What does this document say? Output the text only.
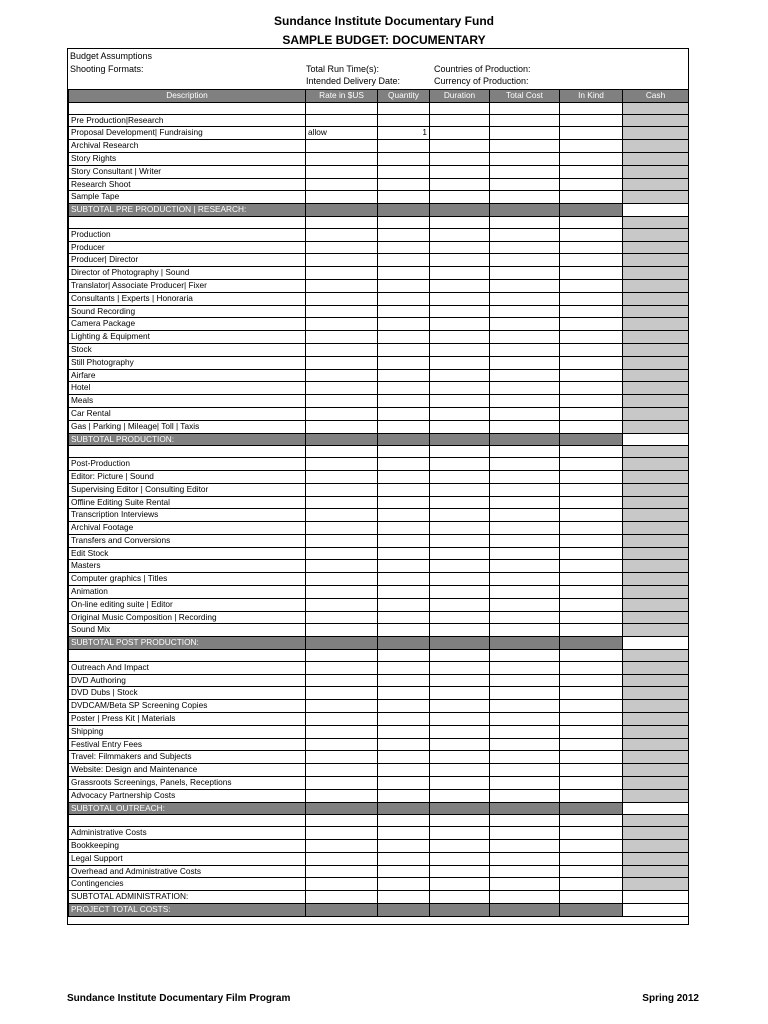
Sundance Institute Documentary Fund
SAMPLE BUDGET: DOCUMENTARY
Budget Assumptions
Shooting Formats:	Total Run Time(s):
Intended Delivery Date:
Countries of Production:
Currency of Production:
Description	Rate in $US	Quantity	Duration	Total Cost	In Kind	Cash

Pre Production|Research						
Proposal Development| Fundraising	allow	1				
Archival Research						
Story Rights						
Story Consultant | Writer						
Research Shoot						
Sample Tape						
SUBTOTAL PRE PRODUCTION | RESEARCH:						

Production						
Producer						
Producer| Director						
Director of Photography | Sound						
Translator| Associate Producer| Fixer						
Consultants | Experts | Honoraria						
Sound Recording						
Camera Package						
Lighting & Equipment						
Stock						
Still Photography						
Airfare						
Hotel						
Meals						
Car Rental						
Gas | Parking | Mileage| Toll | Taxis						
SUBTOTAL PRODUCTION:						

Post-Production						
Editor: Picture | Sound						
Supervising Editor | Consulting Editor						
Offline Editing Suite Rental						
Transcription Interviews						
Archival Footage						
Transfers and Conversions						
Edit Stock						
Masters						
Computer graphics | Titles						
Animation						
On-line editing suite | Editor						
Original Music Composition | Recording						
Sound Mix						
SUBTOTAL POST PRODUCTION:						

Outreach And Impact						
DVD Authoring						
DVD Dubs | Stock						
DVDCAM/Beta SP Screening Copies						
Poster | Press Kit | Materials						
Shipping						
Festival Entry Fees						
Travel: Filmmakers and Subjects						
Website: Design and Maintenance						
Grassroots Screenings, Panels, Receptions						
Advocacy Partnership Costs						
SUBTOTAL OUTREACH:						

Administrative Costs						
Bookkeeping						
Legal Support						
Overhead and Administrative Costs						
Contingencies						
SUBTOTAL ADMINISTRATION:						
PROJECT TOTAL COSTS:						
Sundance Institute Documentary Film Program	Spring 2012
